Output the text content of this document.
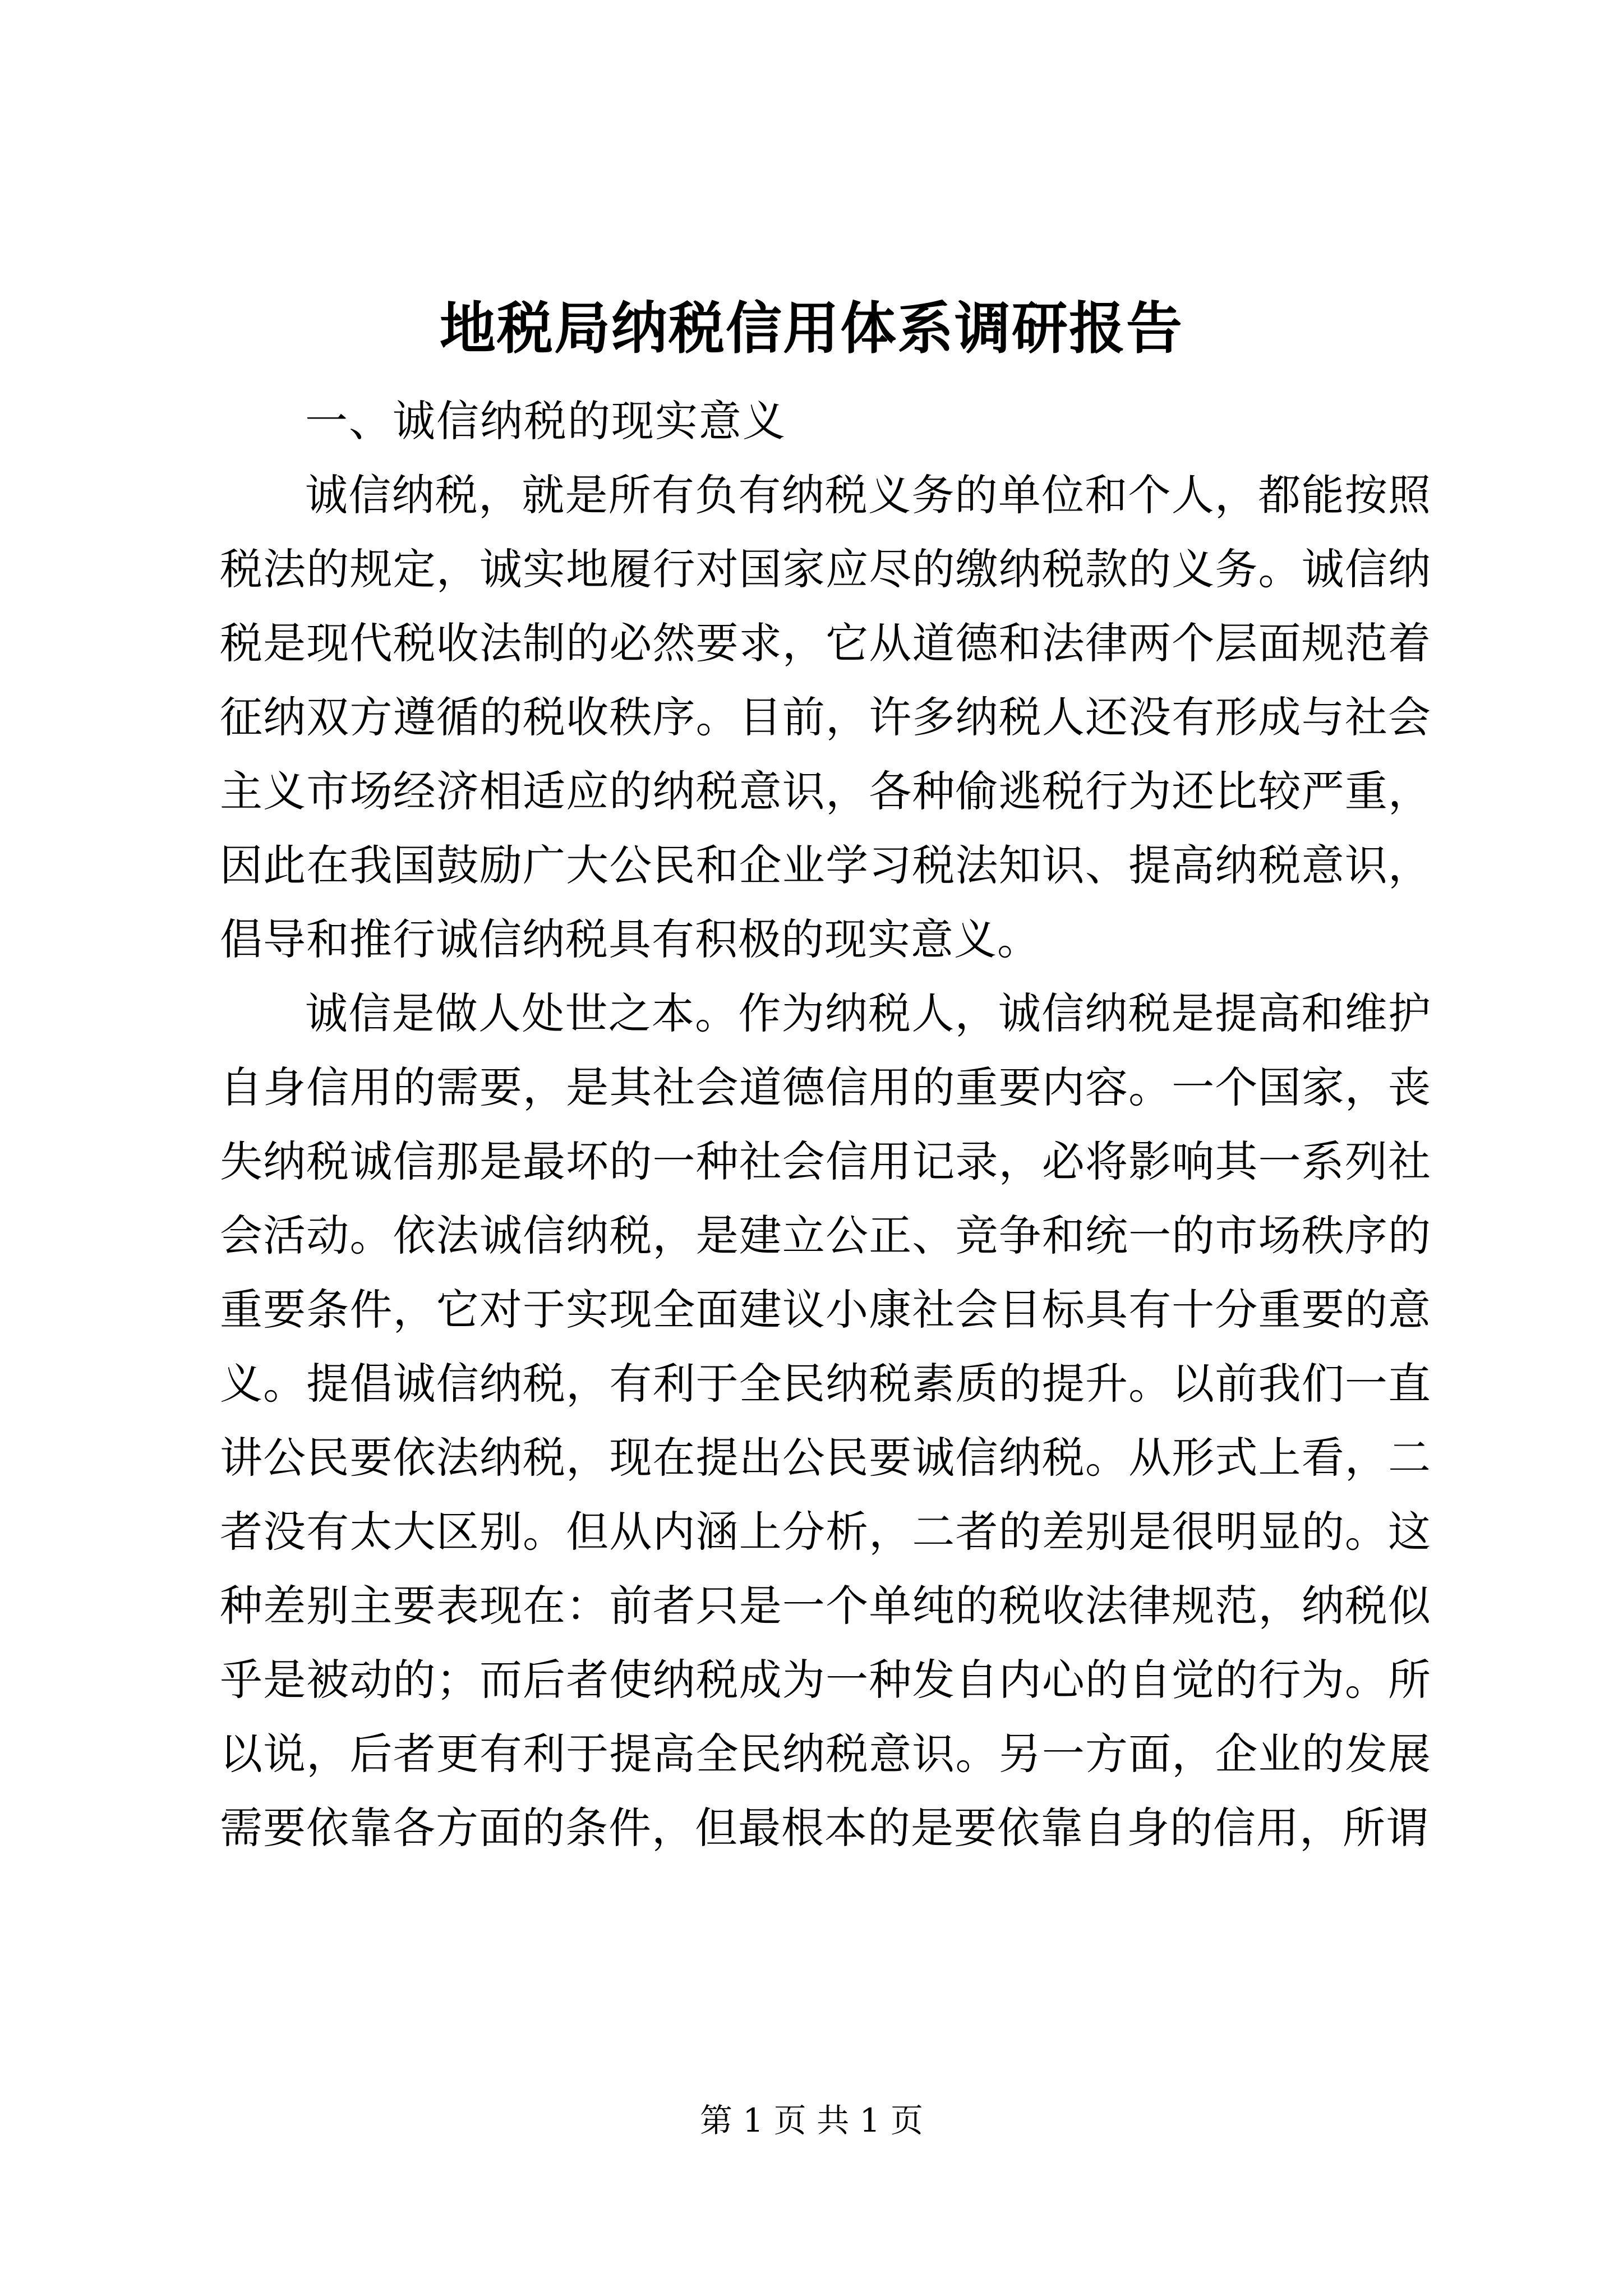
地税局纳税信用体系调研报告
一、诚信纳税的现实意义

诚信纳税，就是所有负有纳税义务的单位和个人，都能按照税法的规定，诚实地履行对国家应尽的缴纳税款的义务。诚信纳税是现代税收法制的必然要求，它从道德和法律两个层面规范着征纳双方遵循的税收秩序。目前，许多纳税人还没有形成与社会主义市场经济相适应的纳税意识，各种偷逃税行为还比较严重，因此在我国鼓励广大公民和企业学习税法知识、提高纳税意识，倡导和推行诚信纳税具有积极的现实意义。

诚信是做人处世之本。作为纳税人，诚信纳税是提高和维护自身信用的需要，是其社会道德信用的重要内容。一个国家，丧失纳税诚信那是最坏的一种社会信用记录，必将影响其一系列社会活动。依法诚信纳税，是建立公正、竞争和统一的市场秩序的重要条件，它对于实现全面建议小康社会目标具有十分重要的意义。提倡诚信纳税，有利于全民纳税素质的提升。以前我们一直讲公民要依法纳税，现在提出公民要诚信纳税。从形式上看，二者没有太大区别。但从内涵上分析，二者的差别是很明显的。这种差别主要表现在：前者只是一个单纯的税收法律规范，纳税似乎是被动的；而后者使纳税成为一种发自内心的自觉的行为。所以说，后者更有利于提高全民纳税意识。另一方面，企业的发展需要依靠各方面的条件，但最根本的是要依靠自身的信用，所谓

第 1 页 共 1 页
